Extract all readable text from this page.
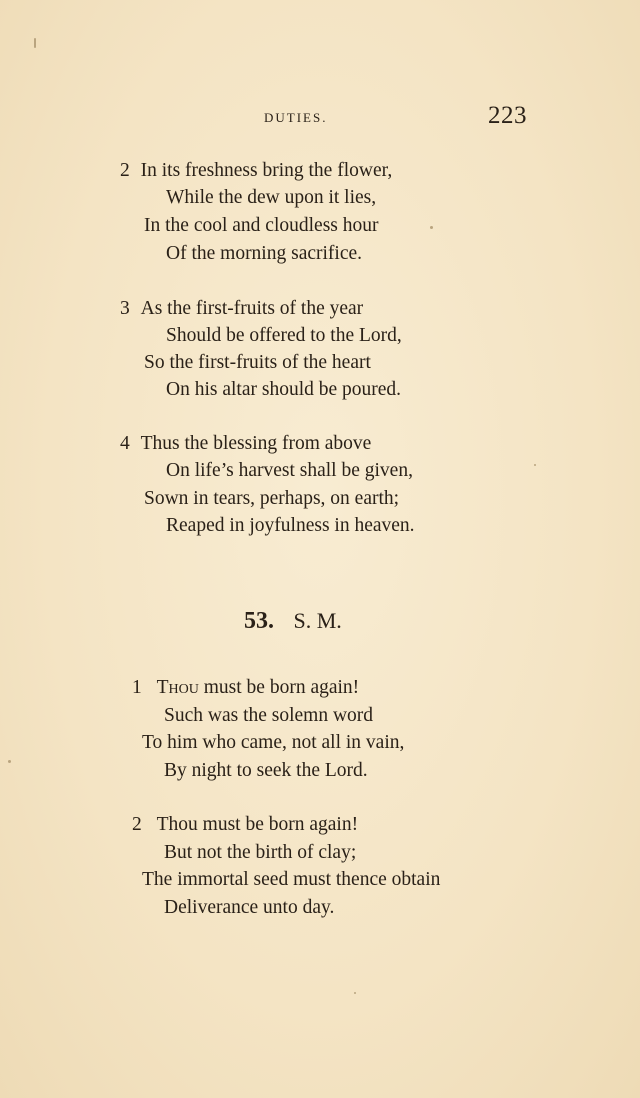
DUTIES.	223
2 In its freshness bring the flower,
While the dew upon it lies,
In the cool and cloudless hour
Of the morning sacrifice.
3 As the first-fruits of the year
Should be offered to the Lord,
So the first-fruits of the heart
On his altar should be poured.
4 Thus the blessing from above
On life’s harvest shall be given,
Sown in tears, perhaps, on earth;
Reaped in joyfulness in heaven.
53. S. M.
1 Thou must be born again!
Such was the solemn word
To him who came, not all in vain,
By night to seek the Lord.
2 Thou must be born again!
But not the birth of clay;
The immortal seed must thence obtain
Deliverance unto day.
